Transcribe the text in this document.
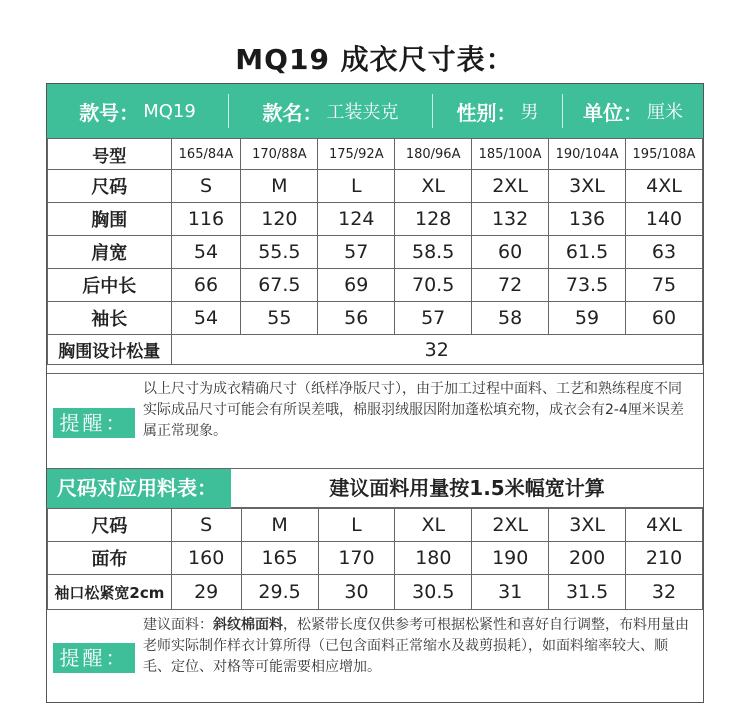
MQ19 成衣尺寸表：
款号： MQ19	款名： 工装夹克	性别： 男 单位： 厘米
号型	165/84A	170/88A	175/92A	180/96A	185/100A	190/104A	195/108A
尺码	S	M	L	XL	2XL	3XL	4XL
胸围	116	120	124	128	132	136	140
肩宽	54	55.5	57	58.5	60	61.5	63
后中长	66	67.5	69	70.5	72	73.5	75
袖长	54	55	56	57	58	59	60
胸围设计松量	32						
提醒：
以上尺寸为成衣精确尺寸（纸样净版尺寸），由于加工过程中面料、工艺和熟练程度不同实际成品尺寸可能会有所误差哦，棉服羽绒服因附加蓬松填充物，成衣会有2-4厘米误差属正常现象。
尺码对应用料表：	建议面料用量按1.5米幅宽计算
尺码	S	M	L	XL	2XL	3XL	4XL
面布	160	165	170	180	190	200	210
袖口松紧宽2cm	29	29.5	30	30.5	31	31.5	32
提醒：
建议面料：斜纹棉面料，松紧带长度仅供参考可根据松紧性和喜好自行调整，布料用量由老师实际制作样衣计算所得（已包含面料正常缩水及裁剪损耗），如面料缩率较大、顺毛、定位、对格等可能需要相应增加。
